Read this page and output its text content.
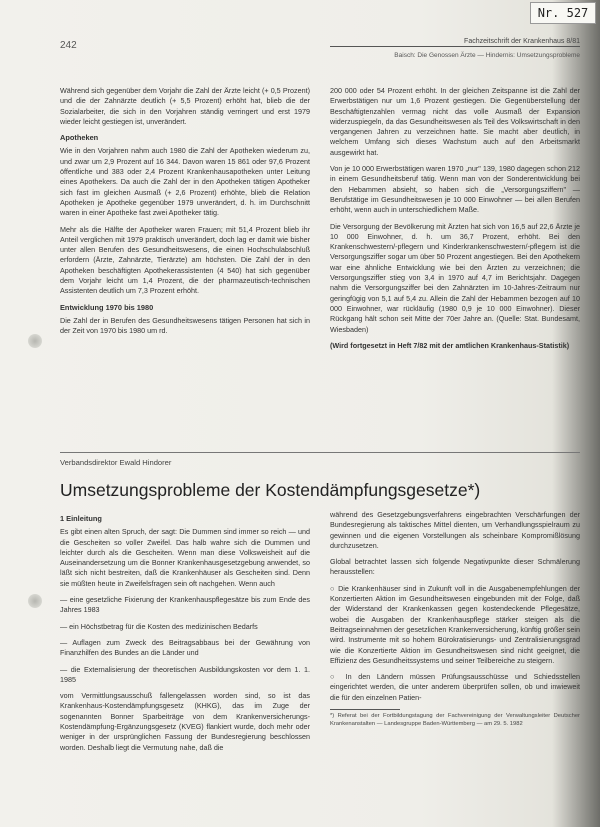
Nr. 527
242	Fachzeitschrift der Krankenhaus 8/81
Baisch: Die Genossen Ärzte — Hindernis: Umsetzungsprobleme

Während sich gegenüber dem Vorjahr die Zahl der Ärzte leicht (+ 0,5 Prozent) und die der Zahnärzte deutlich (+ 5,5 Prozent) erhöht hat, blieb die der Sozialarbeiter, die sich in den Vorjahren ständig verringert und erst 1979 wieder leicht gestiegen ist, unverändert.

Apotheken

Wie in den Vorjahren nahm auch 1980 die Zahl der Apotheken wiederum zu, und zwar um 2,9 Prozent auf 16 344. Davon waren 15 861 oder 97,6 Prozent öffentliche und 383 oder 2,4 Prozent Krankenhausapotheken unter Leitung eines Apothekers. Da auch die Zahl der in den Apotheken tätigen Apotheker sich fast im gleichen Ausmaß (+ 2,6 Prozent) erhöhte, blieb die Relation Apotheken je Apotheke gegenüber 1979 unverändert, d. h. im Durchschnitt waren in einer Apotheke fast zwei Apotheker tätig.

Mehr als die Hälfte der Apotheker waren Frauen; mit 51,4 Prozent blieb ihr Anteil verglichen mit 1979 praktisch unverändert, doch lag er damit wie bisher unter allen Berufen des Gesundheitswesens, die einen Hochschulabschluß erfordern (Ärzte, Zahnärzte, Tierärzte) am höchsten. Die Zahl der in den Apotheken beschäftigten Apothekerassistenten (4 540) hat sich gegenüber dem Vorjahr leicht um 1,4 Prozent, die der pharmazeutisch-technischen Assistenten deutlich um 7,3 Prozent erhöht.

Entwicklung 1970 bis 1980

Die Zahl der in Berufen des Gesundheitswesens tätigen Personen hat sich in der Zeit von 1970 bis 1980 um rd.

200 000 oder 54 Prozent erhöht. In der gleichen Zeitspanne ist die Zahl der Erwerbstätigen nur um 1,6 Prozent gestiegen. Die Gegenüberstellung der Beschäftigtenzahlen vermag nicht das volle Ausmaß der Expansion widerzuspiegeln, da das Gesundheitswesen als Teil des Volkswirtschaft in den vergangenen Jahren zu verzeichnen hatte. Sie macht aber deutlich, in welchem Umfang sich dieses Wachstum auch auf den Arbeitsmarkt ausgewirkt hat.

Von je 10 000 Erwerbstätigen waren 1970 „nur" 139, 1980 dagegen schon 212 in einem Gesundheitsberuf tätig. Wenn man von der Sonderentwicklung bei den Hebammen absieht, so haben sich die „Versorgungsziffern" — Berufstätige im Gesundheitswesen je 10 000 Einwohner — bei allen Berufen erhöht, wenn auch in unterschiedlichem Maße.

Die Versorgung der Bevölkerung mit Ärzten hat sich von 16,5 auf 22,6 Ärzte je 10 000 Einwohner, d. h. um 36,7 Prozent, erhöht. Bei den Krankenschwestern/-pflegern und Kinderkrankenschwestern/-pflegern ist die Versorgungsziffer sogar um über 50 Prozent angestiegen. Bei den Apothekern war eine ähnliche Entwicklung wie bei den Ärzten zu verzeichnen; die Versorgungsziffer stieg von 3,4 in 1970 auf 4,7 im Berichtsjahr. Dagegen nahm die Versorgungsziffer bei den Zahnärzten im 10-Jahres-Zeitraum nur geringfügig von 5,1 auf 5,4 zu. Allein die Zahl der Hebammen bezogen auf 10 000 Einwohner, war rückläufig (1980 0,9 je 10 000 Einwohner). Dieser Rückgang hält schon seit Mitte der 70er Jahre an. (Quelle: Stat. Bundesamt, Wiesbaden)

(Wird fortgesetzt in Heft 7/82 mit der amtlichen Krankenhaus-Statistik)

Verbandsdirektor Ewald Hindorer
Umsetzungsprobleme der Kostendämpfungsgesetze*)
1 Einleitung

Es gibt einen alten Spruch, der sagt: Die Dummen sind immer so reich — und die Gescheiten so voller Zweifel. Das halb wahre sich die Dummen und leichter durch als die Gescheiten. Wenn man diese Volksweisheit auf die Auseinandersetzung um die Bonner Krankenhausgesetzgebung anwendet, so läßt sich nicht bestreiten, daß die Krankenhäuser als Gescheiten sind. Denn sie müßten heute in Zweifelsfragen sein oft nachgehen. Wenn auch

— eine gesetzliche Fixierung der Krankenhauspflegesätze bis zum Ende des Jahres 1983

— ein Höchstbetrag für die Kosten des medizinischen Bedarfs

— Auflagen zum Zweck des Beitragsabbaus bei der Gewährung von Finanzhilfen des Bundes an die Länder und

— die Externalisierung der theoretischen Ausbildungskosten vor dem 1. 1. 1985

vom Vermittlungsausschuß fallengelassen worden sind, so ist das Krankenhaus-Kostendämpfungsgesetz (KHKG), das im Zuge der sogenannten Bonner Sparbeiträge von dem Krankenversicherungs-Kostendämpfung-Ergänzungsgesetz (KVEG) flankiert wurde, doch mehr oder weniger in der ursprünglichen Fassung der Bundesregierung beschlossen worden. Deshalb liegt die Vermutung nahe, daß die

während des Gesetzgebungsverfahrens eingebrachten Verschärfungen der Bundesregierung als taktisches Mittel dienten, um Verhandlungsspielraum zu gewinnen und die eigenen Vorstellungen als scheinbare Kompromißlösung durchzusetzen.

Global betrachtet lassen sich folgende Negativpunkte dieser Schmälerung herausstellen:

○ Die Krankenhäuser sind in Zukunft voll in die Ausgabenempfehlungen der Konzertierten Aktion im Gesundheitswesen eingebunden mit der Folge, daß der Widerstand der Krankenkassen gegen kostendeckende Pflegesätze, wobei die Ausgaben der Krankenhauspflege stärker steigen als die Beitragseinnahmen der gesetzlichen Krankenversicherung, künftig größer sein wird. Instrumente mit so hohem Bürokratisierungs- und Zentralisierungsgrad wie die Konzertierte Aktion im Gesundheitswesen sind nicht geeignet, die Effizienz des Gesundheitssystems und seiner Teilbereiche zu steigern.

○ In den Ländern müssen Prüfungsausschüsse und Schiedsstellen eingerichtet werden, die unter anderem überprüfen sollen, ob und inwieweit die für den einzelnen Patien-

*) Referat bei der Fortbildungstagung der Fachvereinigung der Verwaltungsleiter Deutscher Krankenanstalten — Landesgruppe Baden-Württemberg — am 29. 5. 1982
